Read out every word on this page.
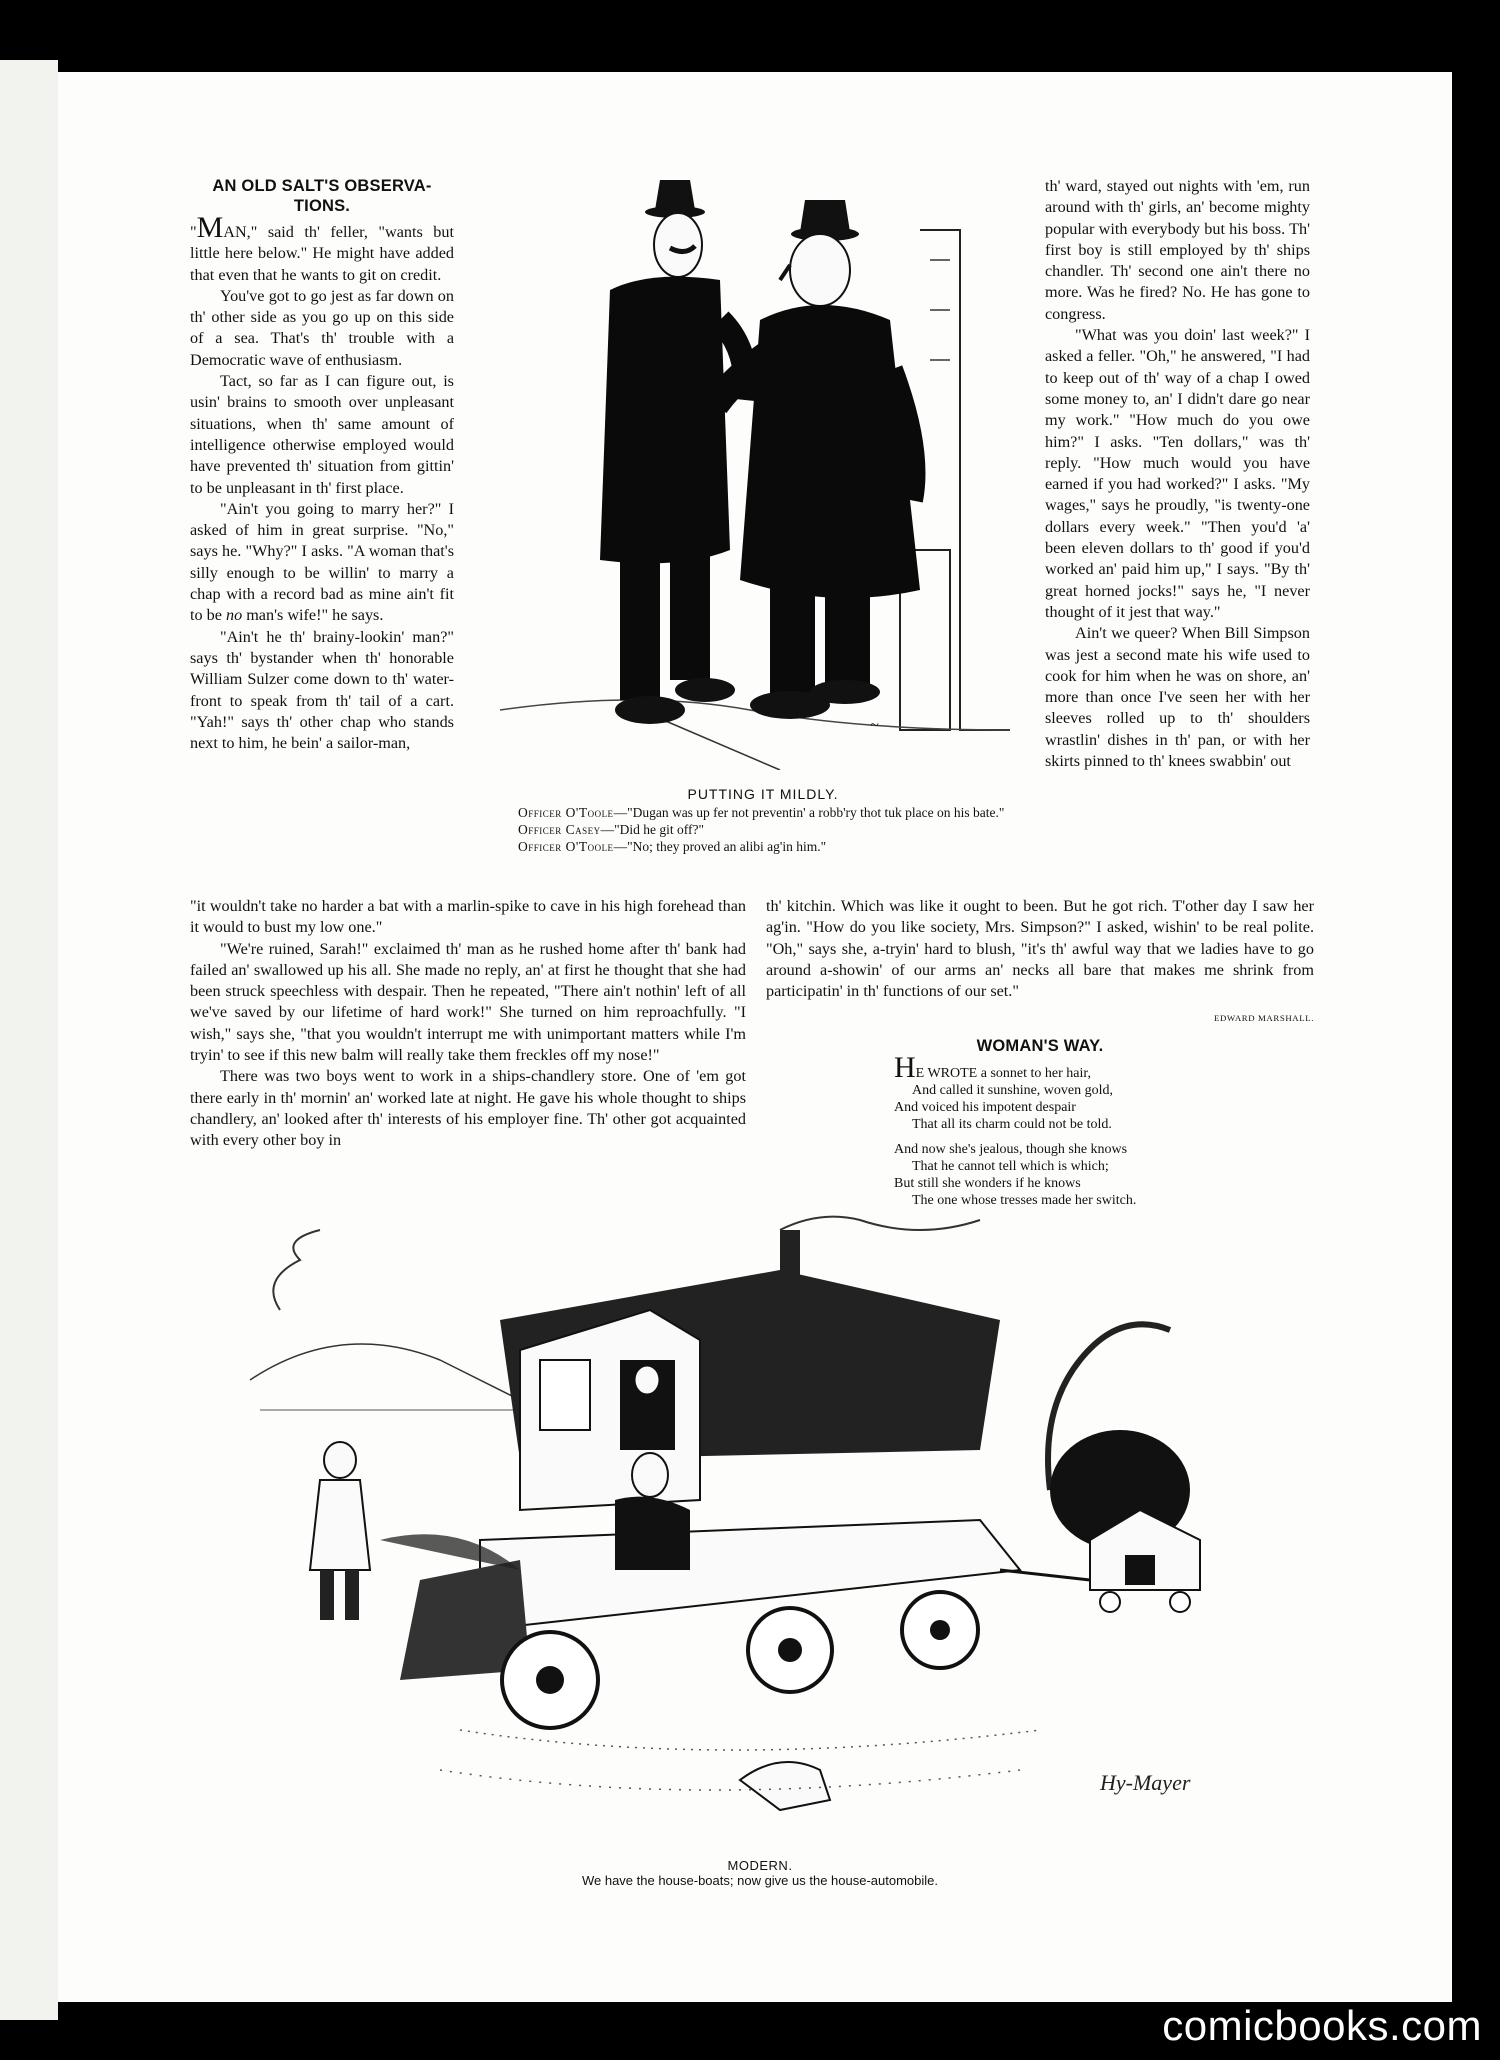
AN OLD SALT'S OBSERVA-
TIONS.

"MAN," said th' feller, "wants but little here below." He might have added that even that he wants to git on credit.

You've got to go jest as far down on th' other side as you go up on this side of a sea. That's th' trouble with a Democratic wave of enthusiasm.

Tact, so far as I can figure out, is usin' brains to smooth over unpleasant situations, when th' same amount of intelligence otherwise employed would have prevented th' situation from gittin' to be unpleasant in th' first place.

"Ain't you going to marry her?" I asked of him in great surprise. "No," says he. "Why?" I asks. "A woman that's silly enough to be willin' to marry a chap with a record bad as mine ain't fit to be no man's wife!" he says.

"Ain't he th' brainy-lookin' man?" says th' bystander when th' honorable William Sulzer come down to th' water-front to speak from th' tail of a cart. "Yah!" says th' other chap who stands next to him, he bein' a sailor-man,

th' ward, stayed out nights with 'em, run around with th' girls, an' become mighty popular with everybody but his boss. Th' first boy is still employed by th' ships chandler. Th' second one ain't there no more. Was he fired? No. He has gone to congress.

"What was you doin' last week?" I asked a feller. "Oh," he answered, "I had to keep out of th' way of a chap I owed some money to, an' I didn't dare go near my work." "How much do you owe him?" I asks. "Ten dollars," was th' reply. "How much would you have earned if you had worked?" I asks. "My wages," says he proudly, "is twenty-one dollars every week." "Then you'd 'a' been eleven dollars to th' good if you'd worked an' paid him up," I says. "By th' great horned jocks!" says he, "I never thought of it jest that way."

Ain't we queer? When Bill Simpson was jest a second mate his wife used to cook for him when he was on shore, an' more than once I've seen her with her sleeves rolled up to th' shoulders wrastlin' dishes in th' pan, or with her skirts pinned to th' knees swabbin' out

~
PUTTING IT MILDLY.
Officer O'Toole—"Dugan was up fer not preventin' a robb'ry thot tuk place on his bate."
Officer Casey—"Did he git off?"
Officer O'Toole—"No; they proved an alibi ag'in him."

"it wouldn't take no harder a bat with a marlin-spike to cave in his high forehead than it would to bust my low one."

"We're ruined, Sarah!" exclaimed th' man as he rushed home after th' bank had failed an' swallowed up his all. She made no reply, an' at first he thought that she had been struck speechless with despair. Then he repeated, "There ain't nothin' left of all we've saved by our lifetime of hard work!" She turned on him reproachfully. "I wish," says she, "that you wouldn't interrupt me with unimportant matters while I'm tryin' to see if this new balm will really take them freckles off my nose!"

There was two boys went to work in a ships-chandlery store. One of 'em got there early in th' mornin' an' worked late at night. He gave his whole thought to ships chandlery, an' looked after th' interests of his employer fine. Th' other got acquainted with every other boy in

th' kitchin. Which was like it ought to been. But he got rich. T'other day I saw her ag'in. "How do you like society, Mrs. Simpson?" I asked, wishin' to be real polite. "Oh," says she, a-tryin' hard to blush, "it's th' awful way that we ladies have to go around a-showin' of our arms an' necks all bare that makes me shrink from participatin' in th' functions of our set."

EDWARD MARSHALL.
WOMAN'S WAY.
HE WROTE a sonnet to her hair,
And called it sunshine, woven gold,
And voiced his impotent despair
That all its charm could not be told.
And now she's jealous, though she knows
That he cannot tell which is which;
But still she wonders if he knows
The one whose tresses made her switch.
Hy-Mayer
MODERN.
We have the house-boats; now give us the house-automobile.
comicbooks.com
